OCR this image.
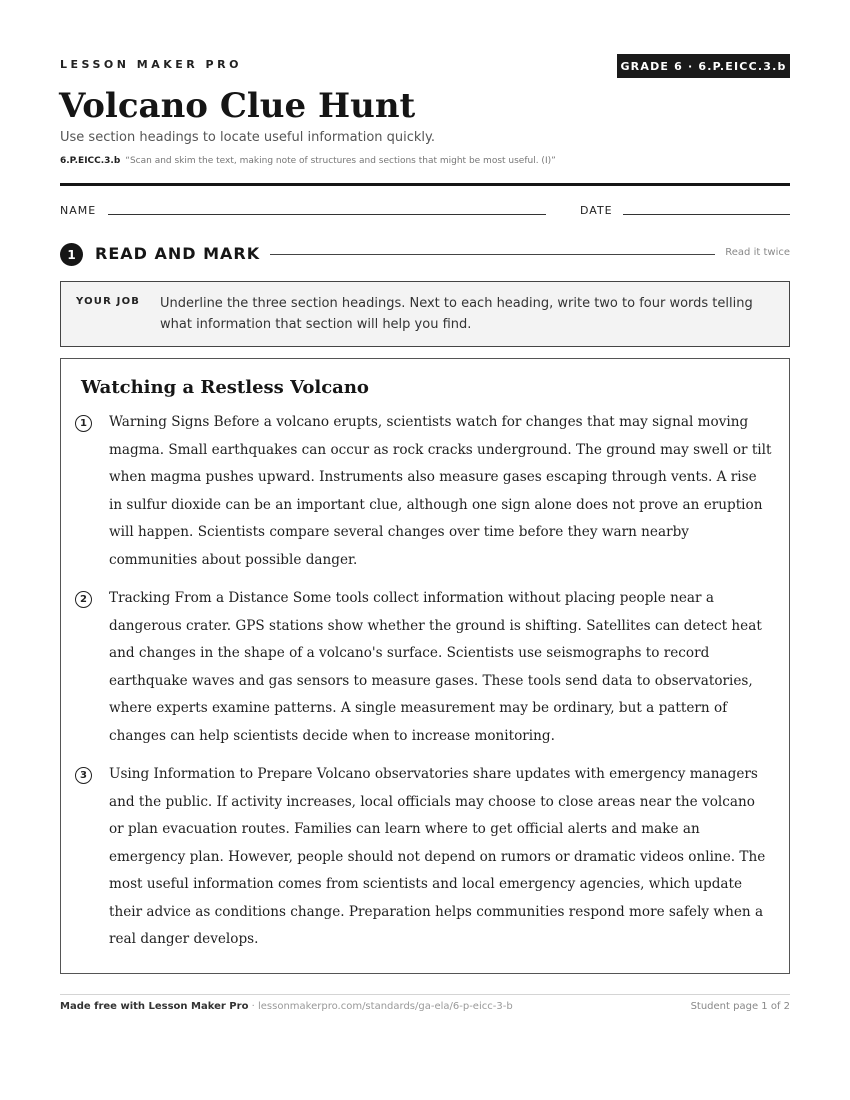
LESSON MAKER PRO	GRADE 6 · 6.P.EICC.3.b
Volcano Clue Hunt
Use section headings to locate useful information quickly.
6.P.EICC.3.b “Scan and skim the text, making note of structures and sections that might be most useful. (I)”
NAME	DATE
1	READ AND MARK	Read it twice
YOUR JOB Underline the three section headings. Next to each heading, write two to four words telling what information that section will help you find.
Watching a Restless Volcano
1	Warning Signs Before a volcano erupts, scientists watch for changes that may signal moving magma. Small earthquakes can occur as rock cracks underground. The ground may swell or tilt when magma pushes upward. Instruments also measure gases escaping through vents. A rise in sulfur dioxide can be an important clue, although one sign alone does not prove an eruption will happen. Scientists compare several changes over time before they warn nearby communities about possible danger.

2	Tracking From a Distance Some tools collect information without placing people near a dangerous crater. GPS stations show whether the ground is shifting. Satellites can detect heat and changes in the shape of a volcano's surface. Scientists use seismographs to record earthquake waves and gas sensors to measure gases. These tools send data to observatories, where experts examine patterns. A single measurement may be ordinary, but a pattern of changes can help scientists decide when to increase monitoring.

3	Using Information to Prepare Volcano observatories share updates with emergency managers and the public. If activity increases, local officials may choose to close areas near the volcano or plan evacuation routes. Families can learn where to get official alerts and make an emergency plan. However, people should not depend on rumors or dramatic videos online. The most useful information comes from scientists and local emergency agencies, which update their advice as conditions change. Preparation helps communities respond more safely when a real danger develops.

Made free with Lesson Maker Pro · lessonmakerpro.com/standards/ga-ela/6-p-eicc-3-b	Student page 1 of 2
